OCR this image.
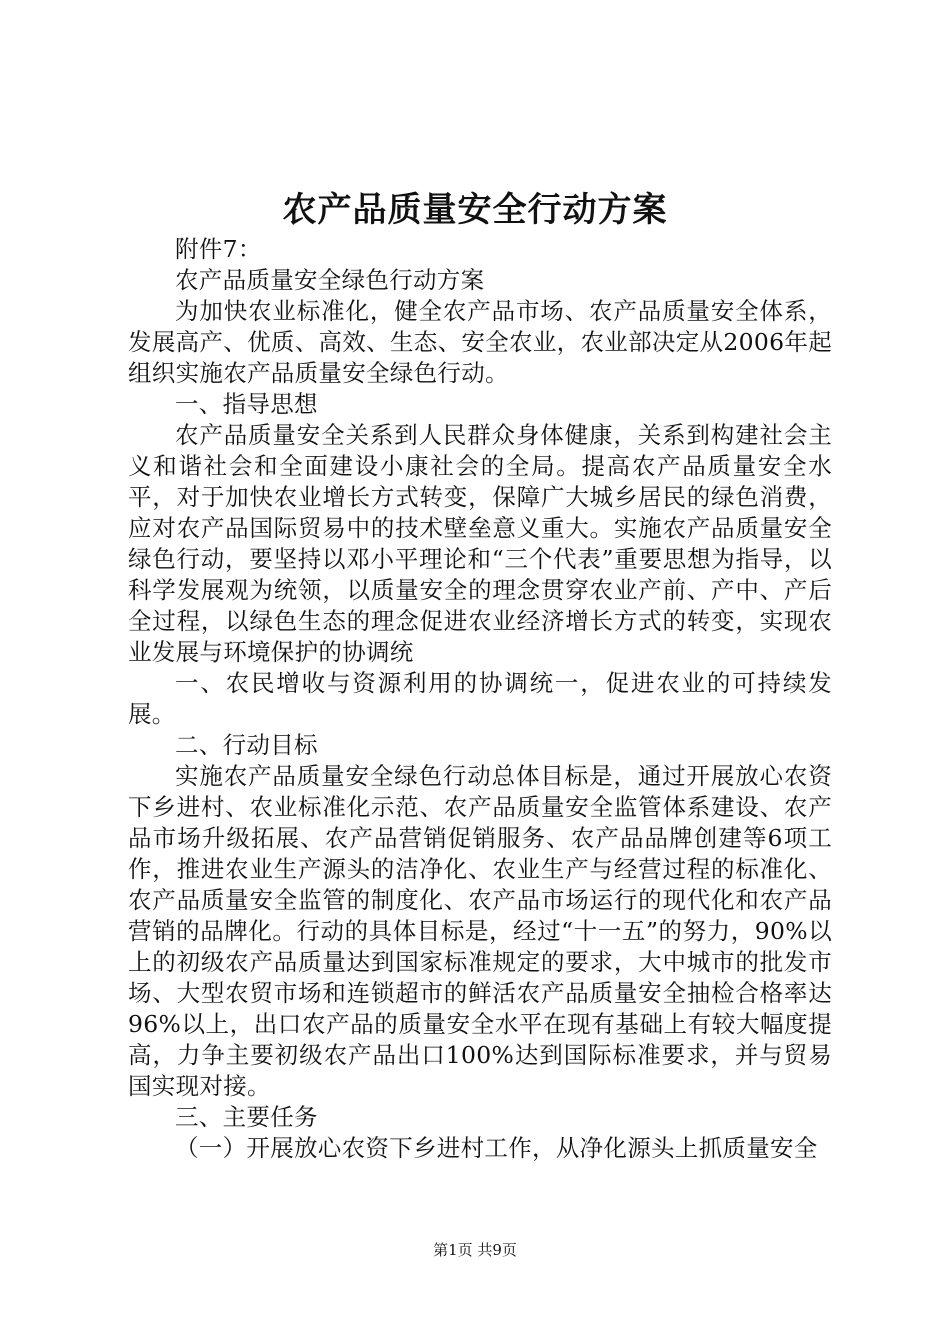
农产品质量安全行动方案

附件7：

农产品质量安全绿色行动方案

为加快农业标准化，健全农产品市场、农产品质量安全体系，发展高产、优质、高效、生态、安全农业，农业部决定从2006年起组织实施农产品质量安全绿色行动。

一、指导思想

农产品质量安全关系到人民群众身体健康，关系到构建社会主义和谐社会和全面建设小康社会的全局。提高农产品质量安全水平，对于加快农业增长方式转变，保障广大城乡居民的绿色消费，应对农产品国际贸易中的技术壁垒意义重大。实施农产品质量安全绿色行动，要坚持以邓小平理论和“三个代表”重要思想为指导，以科学发展观为统领，以质量安全的理念贯穿农业产前、产中、产后全过程，以绿色生态的理念促进农业经济增长方式的转变，实现农业发展与环境保护的协调统

一、农民增收与资源利用的协调统一，促进农业的可持续发展。

二、行动目标

实施农产品质量安全绿色行动总体目标是，通过开展放心农资下乡进村、农业标准化示范、农产品质量安全监管体系建设、农产品市场升级拓展、农产品营销促销服务、农产品品牌创建等6项工作，推进农业生产源头的洁净化、农业生产与经营过程的标准化、农产品质量安全监管的制度化、农产品市场运行的现代化和农产品营销的品牌化。行动的具体目标是，经过“十一五”的努力，90%以上的初级农产品质量达到国家标准规定的要求，大中城市的批发市场、大型农贸市场和连锁超市的鲜活农产品质量安全抽检合格率达96%以上，出口农产品的质量安全水平在现有基础上有较大幅度提高，力争主要初级农产品出口100%达到国际标准要求，并与贸易国实现对接。

三、主要任务

（一）开展放心农资下乡进村工作，从净化源头上抓质量安全

第1页 共9页
